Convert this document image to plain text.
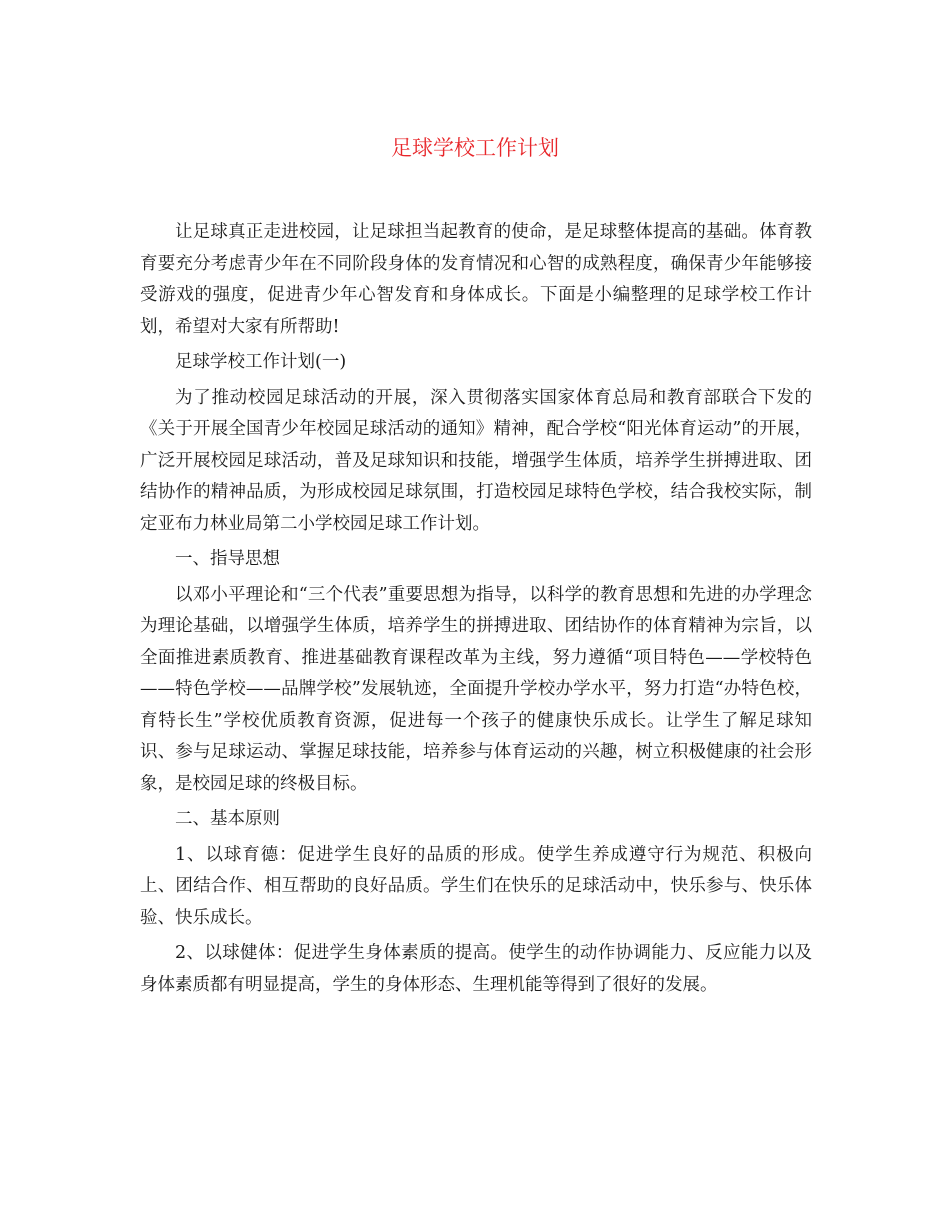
足球学校工作计划

让足球真正走进校园，让足球担当起教育的使命，是足球整体提高的基础。体育教育要充分考虑青少年在不同阶段身体的发育情况和心智的成熟程度，确保青少年能够接受游戏的强度，促进青少年心智发育和身体成长。下面是小编整理的足球学校工作计划，希望对大家有所帮助!

足球学校工作计划(一)

为了推动校园足球活动的开展，深入贯彻落实国家体育总局和教育部联合下发的《关于开展全国青少年校园足球活动的通知》精神，配合学校“阳光体育运动”的开展，广泛开展校园足球活动，普及足球知识和技能，增强学生体质，培养学生拼搏进取、团结协作的精神品质，为形成校园足球氛围，打造校园足球特色学校，结合我校实际，制定亚布力林业局第二小学校园足球工作计划。

一、指导思想

以邓小平理论和“三个代表”重要思想为指导，以科学的教育思想和先进的办学理念为理论基础，以增强学生体质，培养学生的拼搏进取、团结协作的体育精神为宗旨，以全面推进素质教育、推进基础教育课程改革为主线，努力遵循“项目特色——学校特色——特色学校——品牌学校”发展轨迹，全面提升学校办学水平，努力打造“办特色校，育特长生”学校优质教育资源，促进每一个孩子的健康快乐成长。让学生了解足球知识、参与足球运动、掌握足球技能，培养参与体育运动的兴趣，树立积极健康的社会形象，是校园足球的终极目标。

二、基本原则

1、以球育德：促进学生良好的品质的形成。使学生养成遵守行为规范、积极向上、团结合作、相互帮助的良好品质。学生们在快乐的足球活动中，快乐参与、快乐体验、快乐成长。

2、以球健体：促进学生身体素质的提高。使学生的动作协调能力、反应能力以及身体素质都有明显提高，学生的身体形态、生理机能等得到了很好的发展。
